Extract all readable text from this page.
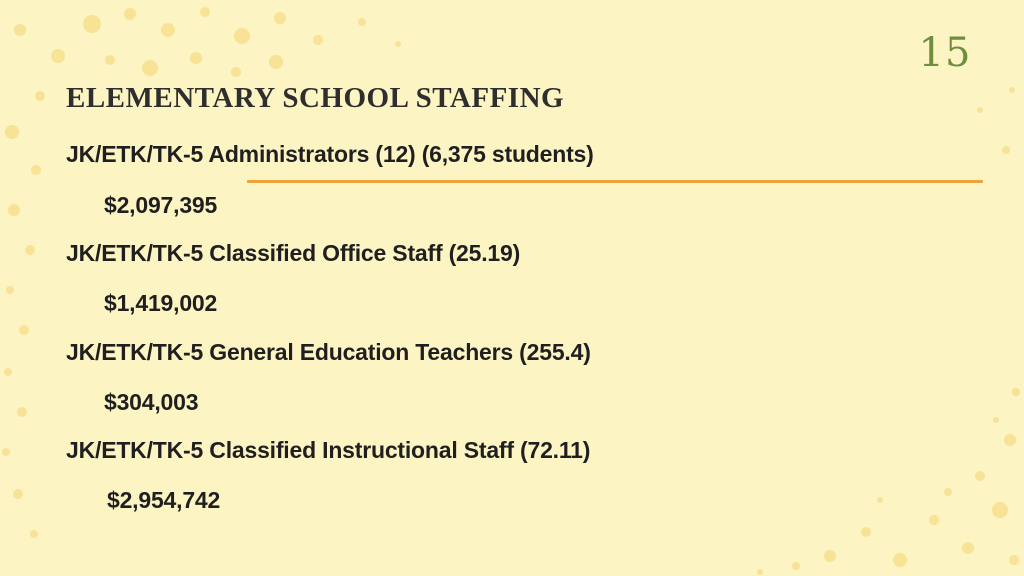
15
ELEMENTARY SCHOOL STAFFING
JK/ETK/TK-5 Administrators (12) (6,375 students)
$2,097,395
JK/ETK/TK-5 Classified Office Staff (25.19)
$1,419,002
JK/ETK/TK-5 General Education Teachers (255.4)
$304,003
JK/ETK/TK-5 Classified Instructional Staff (72.11)
$2,954,742
